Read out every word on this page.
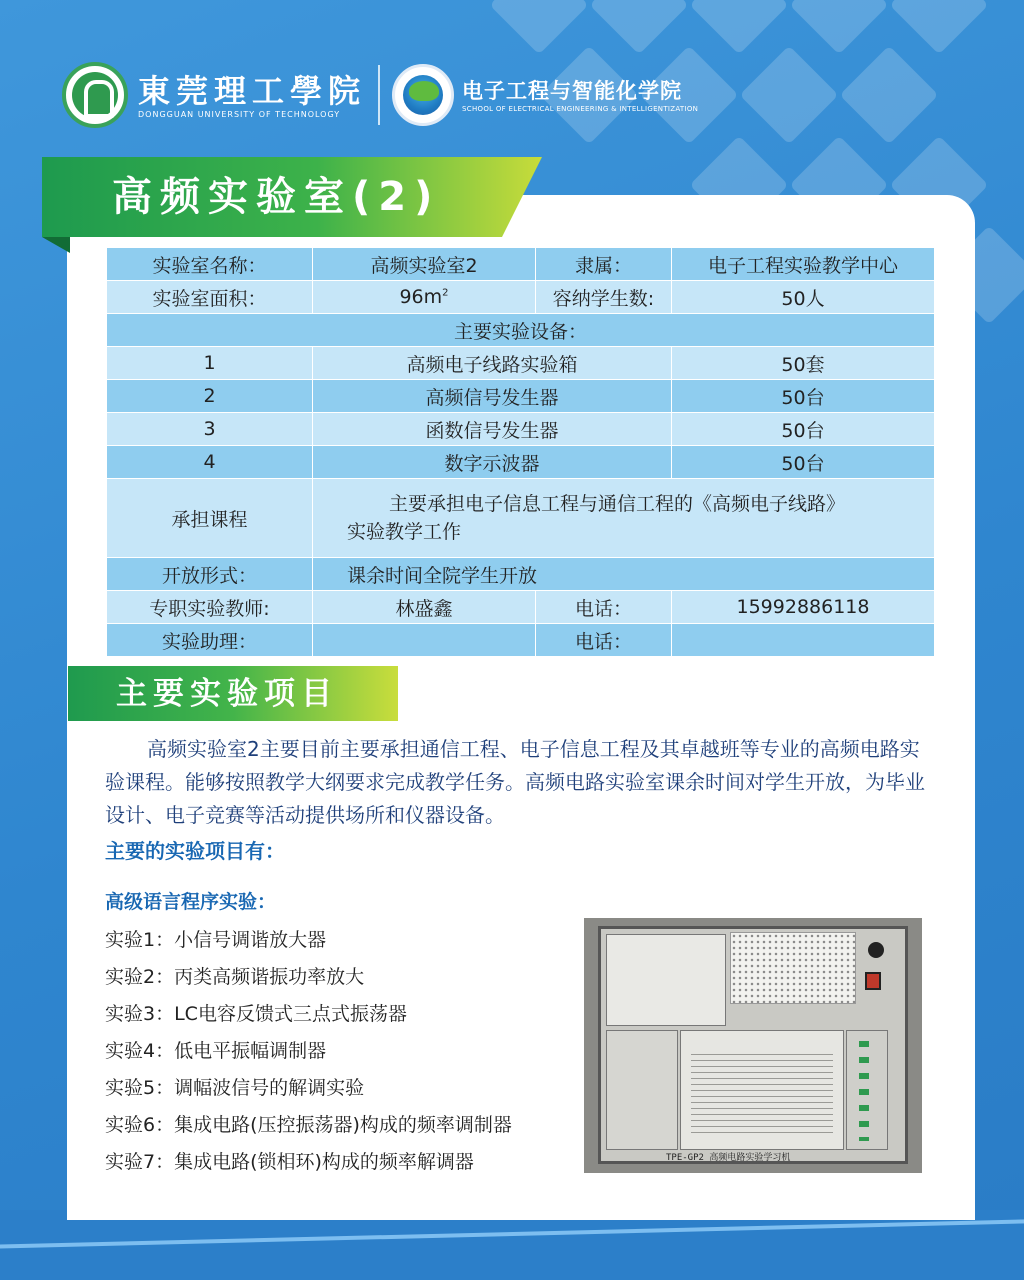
東莞理工學院
DONGGUAN UNIVERSITY OF TECHNOLOGY
电子工程与智能化学院
SCHOOL OF ELECTRICAL ENGINEERING & INTELLIGENTIZATION
高频实验室(2)
实验室名称：	高频实验室2	隶属：	电子工程实验教学中心
实验室面积：	$96m^2$	容纳学生数:	50人
主要实验设备：			
1	高频电子线路实验箱		50套
2	高频信号发生器		50台
3	函数信号发生器		50台
4	数字示波器		50台
承担课程	主要承担电子信息工程与通信工程的《高频电子线路》
实验教学工作		
开放形式：	课余时间全院学生开放		
专职实验教师:	林盛鑫	电话：	15992886118
实验助理：		电话：	
主要实验项目
高频实验室2主要目前主要承担通信工程、电子信息工程及其卓越班等专业的高频电路实验课程。能够按照教学大纲要求完成教学任务。高频电路实验室课余时间对学生开放，为毕业设计、电子竞赛等活动提供场所和仪器设备。
主要的实验项目有：
高级语言程序实验：
实验1：小信号调谐放大器
实验2：丙类高频谐振功率放大
实验3：LC电容反馈式三点式振荡器
实验4：低电平振幅调制器
实验5：调幅波信号的解调实验
实验6：集成电路(压控振荡器)构成的频率调制器
实验7：集成电路(锁相环)构成的频率解调器	TPE-GP2 高频电路实验学习机
